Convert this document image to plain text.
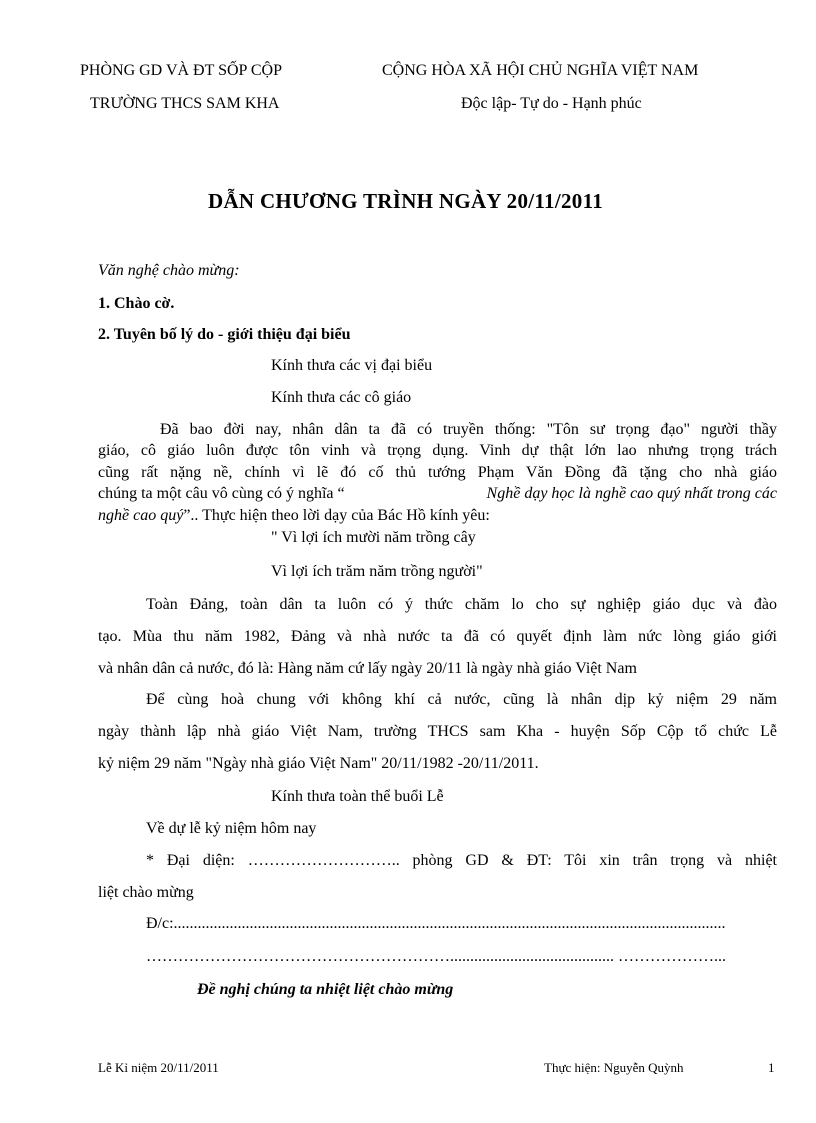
PHÒNG GD VÀ ĐT SỐP CỘP
TRƯỜNG THCS SAM KHA
CỘNG HÒA XÃ HỘI CHỦ NGHĨA VIỆT NAM
Độc lập- Tự do - Hạnh phúc
DẪN CHƯƠNG TRÌNH NGÀY 20/11/2011
Văn nghệ chào mừng:
1. Chào cờ.
2. Tuyên bố lý do - giới thiệu đại biểu
Kính thưa các vị đại biểu
Kính thưa các cô giáo
Đã bao đời nay, nhân dân ta đã có truyền thống: "Tôn sư trọng đạo" người thầy
giáo, cô giáo luôn được tôn vinh và trọng dụng. Vinh dự thật lớn lao nhưng trọng trách
cũng rất nặng nề, chính vì lẽ đó cố thủ tướng Phạm Văn Đồng đã tặng cho nhà giáo
chúng ta một câu vô cùng có ý nghĩa “	Nghề dạy học là nghề cao quý nhất trong các
nghề cao quý”.. Thực hiện theo lời dạy của Bác Hồ kính yêu:
" Vì lợi ích mười năm trồng cây
Vì lợi ích trăm năm trồng người"
Toàn Đảng, toàn dân ta luôn có ý thức chăm lo cho sự nghiệp giáo dục và đào
tạo. Mùa thu năm 1982, Đảng và nhà nước ta đã có quyết định làm nức lòng giáo giới
và nhân dân cả nước, đó là: Hàng năm cứ lấy ngày 20/11 là ngày nhà giáo Việt Nam
Để cùng hoà chung với không khí cả nước, cũng là nhân dịp kỷ niệm 29 năm
ngày thành lập nhà giáo Việt Nam, trường THCS sam Kha - huyện Sốp Cộp tổ chức Lễ
kỷ niệm 29 năm "Ngày nhà giáo Việt Nam" 20/11/1982 -20/11/2011.
Kính thưa toàn thể buổi Lễ
Về dự lễ kỷ niệm hôm nay
* Đại diện: ……………………….. phòng GD & ĐT: Tôi xin trân trọng và nhiệt
liệt chào mừng
Đ/c:..........................................................................................................................................
…………………………………………………......................................... ………………...
Đề nghị chúng ta nhiệt liệt chào mừng
Lễ Kỉ niệm 20/11/2011	Thực hiện: Nguyễn Quỳnh	1
